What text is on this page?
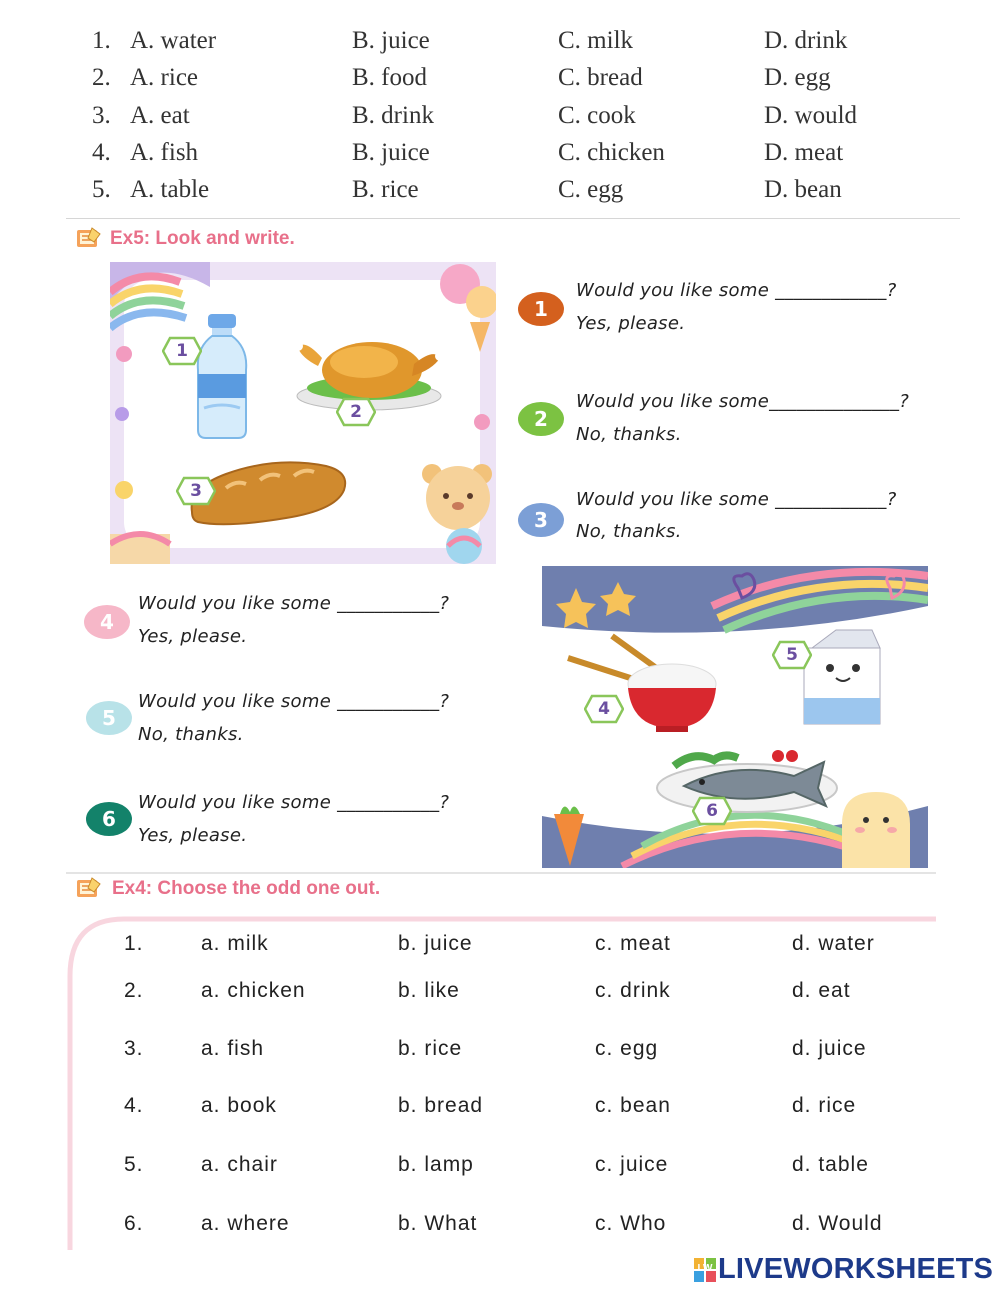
1. A. water	B. juice	C. milk	D. drink
2. A. rice	B. food	C. bread	D. egg
3. A. eat	B. drink	C. cook	D. would
4. A. fish	B. juice	C. chicken	D. meat
5. A. table	B. rice	C. egg	D. bean
Ex5: Look and write.
1
2
3
1
Would you like some ____________?
Yes, please.
2
Would you like some______________?
No, thanks.
3
Would you like some ____________?
No, thanks.
4
Would you like some ___________?
Yes, please.
5
Would you like some ___________?
No, thanks.
6
Would you like some ___________?
Yes, please.
5
4
6
Ex4: Choose the odd one out.
1.	a. milk	b. juice	c. meat	d. water
2.	a. chicken	b. like	c. drink	d. eat
3.	a. fish	b. rice	c. egg	d. juice
4.	a. book	b. bread	c. bean	d. rice
5.	a. chair	b. lamp	c. juice	d. table
6.	a. where	b. What	c. Who	d. Would
LW LIVEWORKSHEETS
